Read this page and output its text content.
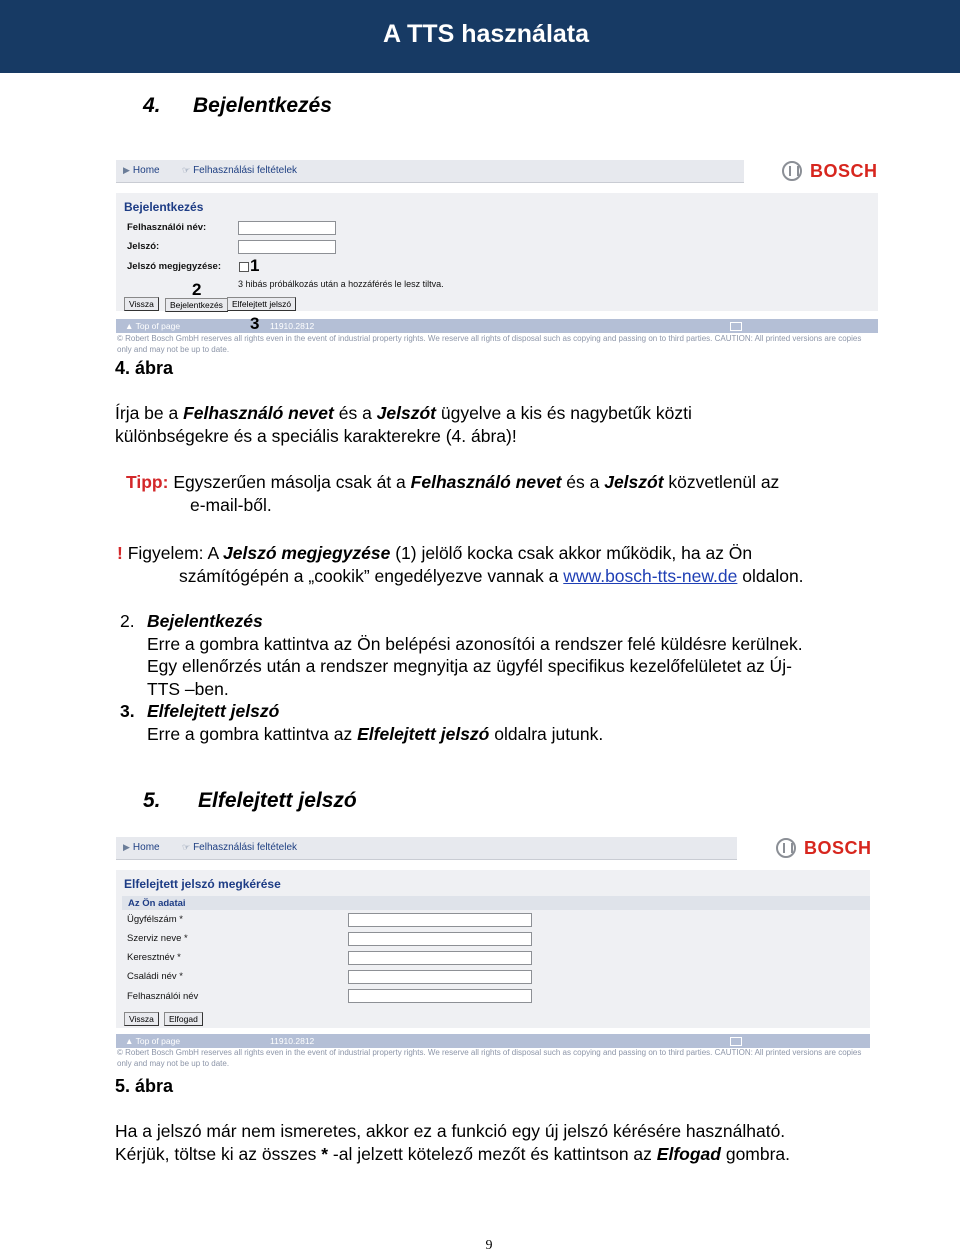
A TTS használata
4. Bejelentkezés
▶ Home ☞ Felhasználási feltételek	BOSCH
Bejelentkezés
Felhasználói név:
Jelszó:
Jelszó megjegyzése:
3 hibás próbálkozás után a hozzáférés le lesz tiltva.
Vissza	Bejelentkezés	Elfelejtett jelszó
▲ Top of page	11910.2812
© Robert Bosch GmbH reserves all rights even in the event of industrial property rights. We reserve all rights of disposal such as copying and passing on to third parties. CAUTION: All printed versions are copies
only and may not be up to date.
1
2
3
4. ábra
Írja be a Felhasználó nevet és a Jelszót ügyelve a kis és nagybetűk közti
különbségekre és a speciális karakterekre (4. ábra)!
Tipp: Egyszerűen másolja csak át a Felhasználó nevet és a Jelszót közvetlenül az
e-mail-ből.
! Figyelem: A Jelszó megjegyzése (1) jelölő kocka csak akkor működik, ha az Ön
számítógépén a „cookik” engedélyezve vannak a www.bosch-tts-new.de oldalon.
2. Bejelentkezés
Erre a gombra kattintva az Ön belépési azonosítói a rendszer felé küldésre kerülnek.
Egy ellenőrzés után a rendszer megnyitja az ügyfél specifikus kezelőfelületet az Új-
TTS –ben.
3. Elfelejtett jelszó
Erre a gombra kattintva az Elfelejtett jelszó oldalra jutunk.
5. Elfelejtett jelszó
▶ Home ☞ Felhasználási feltételek	BOSCH
Elfelejtett jelszó megkérése
Az Ön adatai
Ügyfélszám *
Szerviz neve *
Keresztnév *
Családi név *
Felhasználói név
Vissza	Elfogad
▲ Top of page	11910.2812
© Robert Bosch GmbH reserves all rights even in the event of industrial property rights. We reserve all rights of disposal such as copying and passing on to third parties. CAUTION: All printed versions are copies
only and may not be up to date.
5. ábra
Ha a jelszó már nem ismeretes, akkor ez a funkció egy új jelszó kérésére használható.
Kérjük, töltse ki az összes * -al jelzett kötelező mezőt és kattintson az Elfogad gombra.
9
